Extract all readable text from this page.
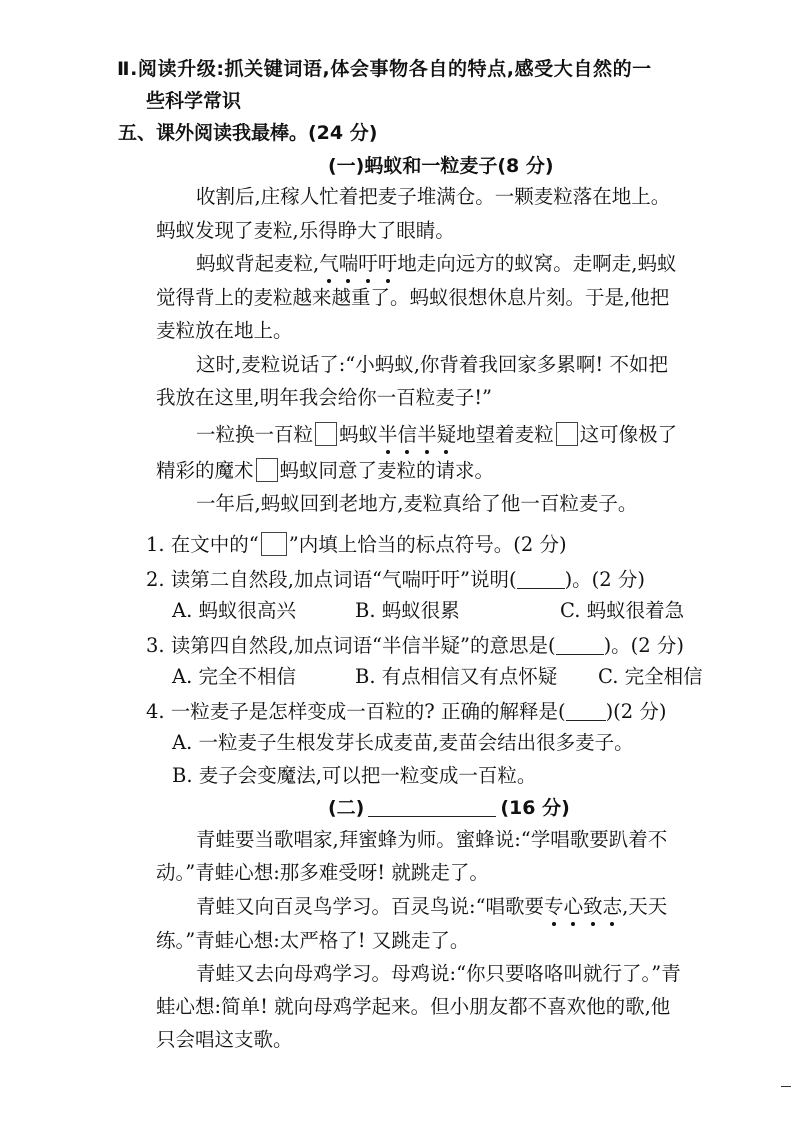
Ⅱ.阅读升级:抓关键词语,体会事物各自的特点,感受大自然的一
些科学常识
五、课外阅读我最棒。(24 分)
(一)蚂蚁和一粒麦子(8 分)
收割后,庄稼人忙着把麦子堆满仓。一颗麦粒落在地上。
蚂蚁发现了麦粒,乐得睁大了眼睛。
蚂蚁背起麦粒,气喘吁吁地走向远方的蚁窝。走啊走,蚂蚁
觉得背上的麦粒越来越重了。蚂蚁很想休息片刻。于是,他把
麦粒放在地上。
这时,麦粒说话了:“小蚂蚁,你背着我回家多累啊! 不如把
我放在这里,明年我会给你一百粒麦子!”
一粒换一百粒 蚂蚁半信半疑地望着麦粒 这可像极了
精彩的魔术 蚂蚁同意了麦粒的请求。
一年后,蚂蚁回到老地方,麦粒真给了他一百粒麦子。
1. 在文中的“ ”内填上恰当的标点符号。(2 分)
2. 读第二自然段,加点词语“气喘吁吁”说明( )。(2 分)
A. 蚂蚁很高兴	B. 蚂蚁很累	C. 蚂蚁很着急
3. 读第四自然段,加点词语“半信半疑”的意思是( )。(2 分)
A. 完全不相信	B. 有点相信又有点怀疑 C. 完全相信
4. 一粒麦子是怎样变成一百粒的? 正确的解释是( )(2 分)
A. 一粒麦子生根发芽长成麦苗,麦苗会结出很多麦子。
B. 麦子会变魔法,可以把一粒变成一百粒。
(二)	(16 分)
青蛙要当歌唱家,拜蜜蜂为师。蜜蜂说:“学唱歌要趴着不
动。”青蛙心想:那多难受呀! 就跳走了。
青蛙又向百灵鸟学习。百灵鸟说:“唱歌要专心致志,天天
练。”青蛙心想:太严格了! 又跳走了。
青蛙又去向母鸡学习。母鸡说:“你只要咯咯叫就行了。”青
蛙心想:简单! 就向母鸡学起来。但小朋友都不喜欢他的歌,他
只会唱这支歌。
